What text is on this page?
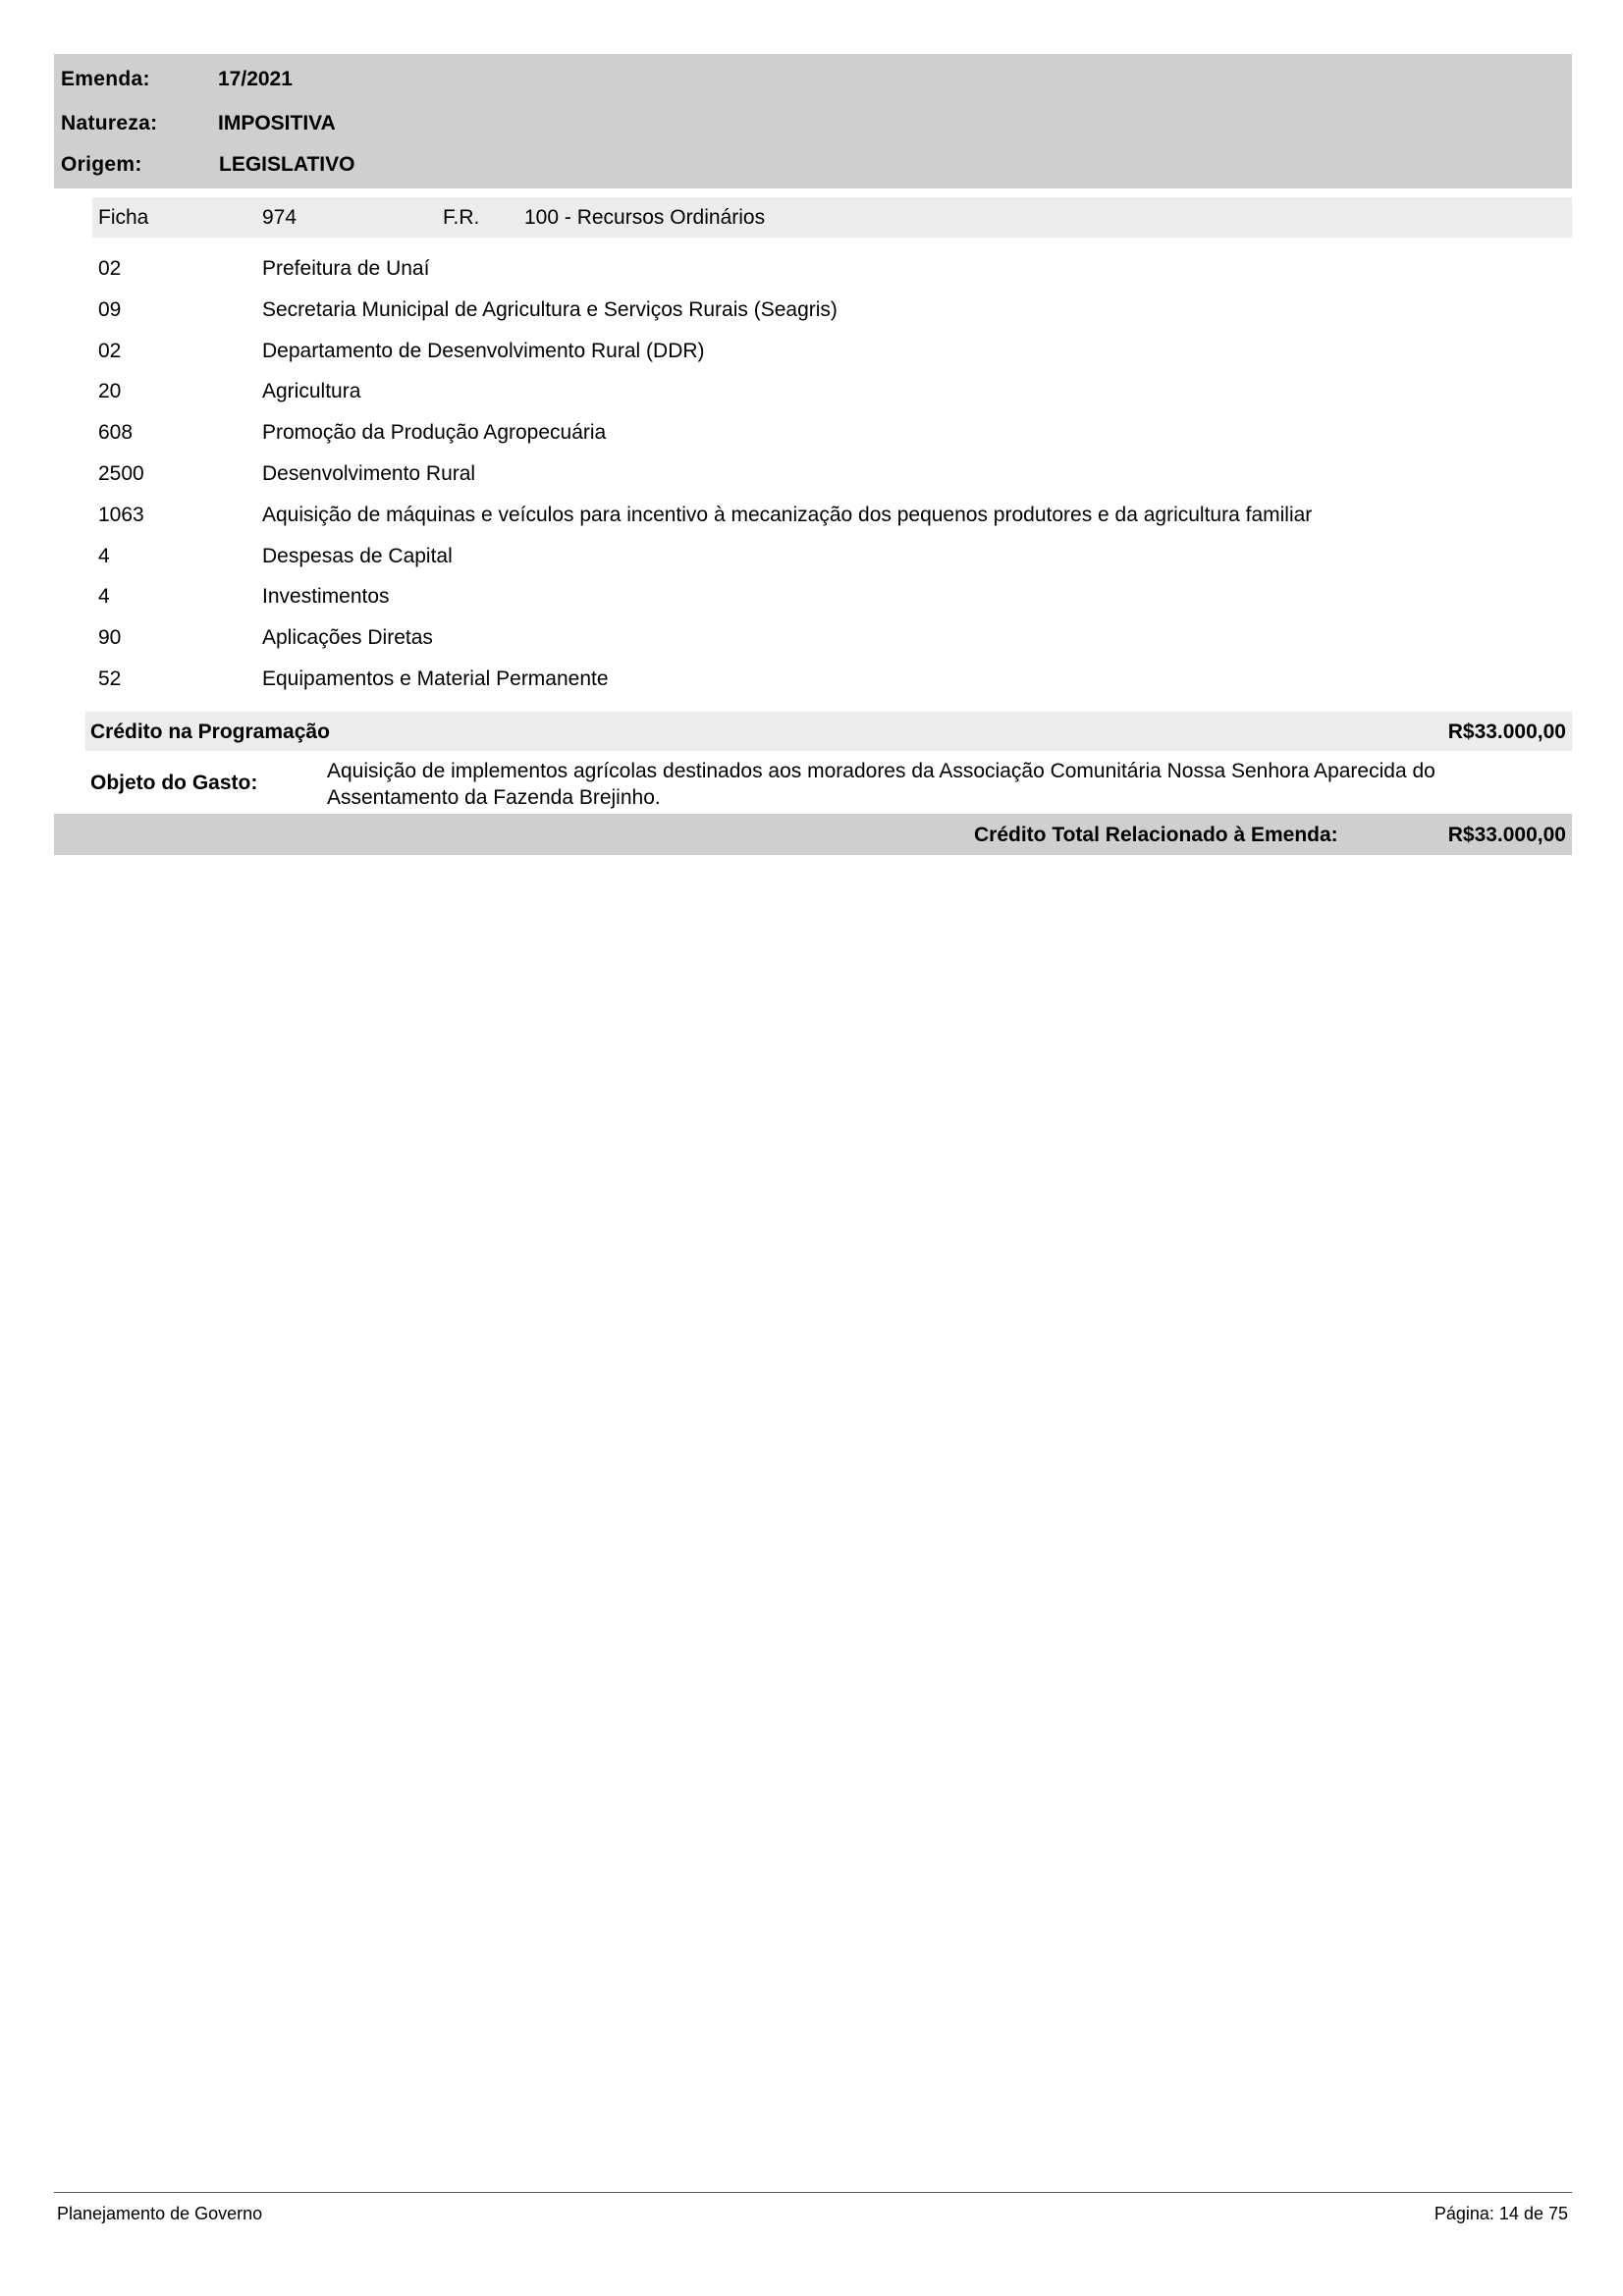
Emenda:	17/2021
Natureza:	IMPOSITIVA
Origem:	LEGISLATIVO
Ficha	974	F.R. 100 - Recursos Ordinários
02	Prefeitura de Unaí
09	Secretaria Municipal de Agricultura e Serviços Rurais (Seagris)
02	Departamento de Desenvolvimento Rural (DDR)
20	Agricultura
608	Promoção da Produção Agropecuária
2500	Desenvolvimento Rural
1063	Aquisição de máquinas e veículos para incentivo à mecanização dos pequenos produtores e da agricultura familiar
4	Despesas de Capital
4	Investimentos
90	Aplicações Diretas
52	Equipamentos e Material Permanente
Crédito na Programação	R$33.000,00
Objeto do Gasto:
Aquisição de implementos agrícolas destinados aos moradores da Associação Comunitária Nossa Senhora Aparecida do Assentamento da Fazenda Brejinho.
Crédito Total Relacionado à Emenda:	R$33.000,00
Planejamento de Governo	Página: 14 de 75
